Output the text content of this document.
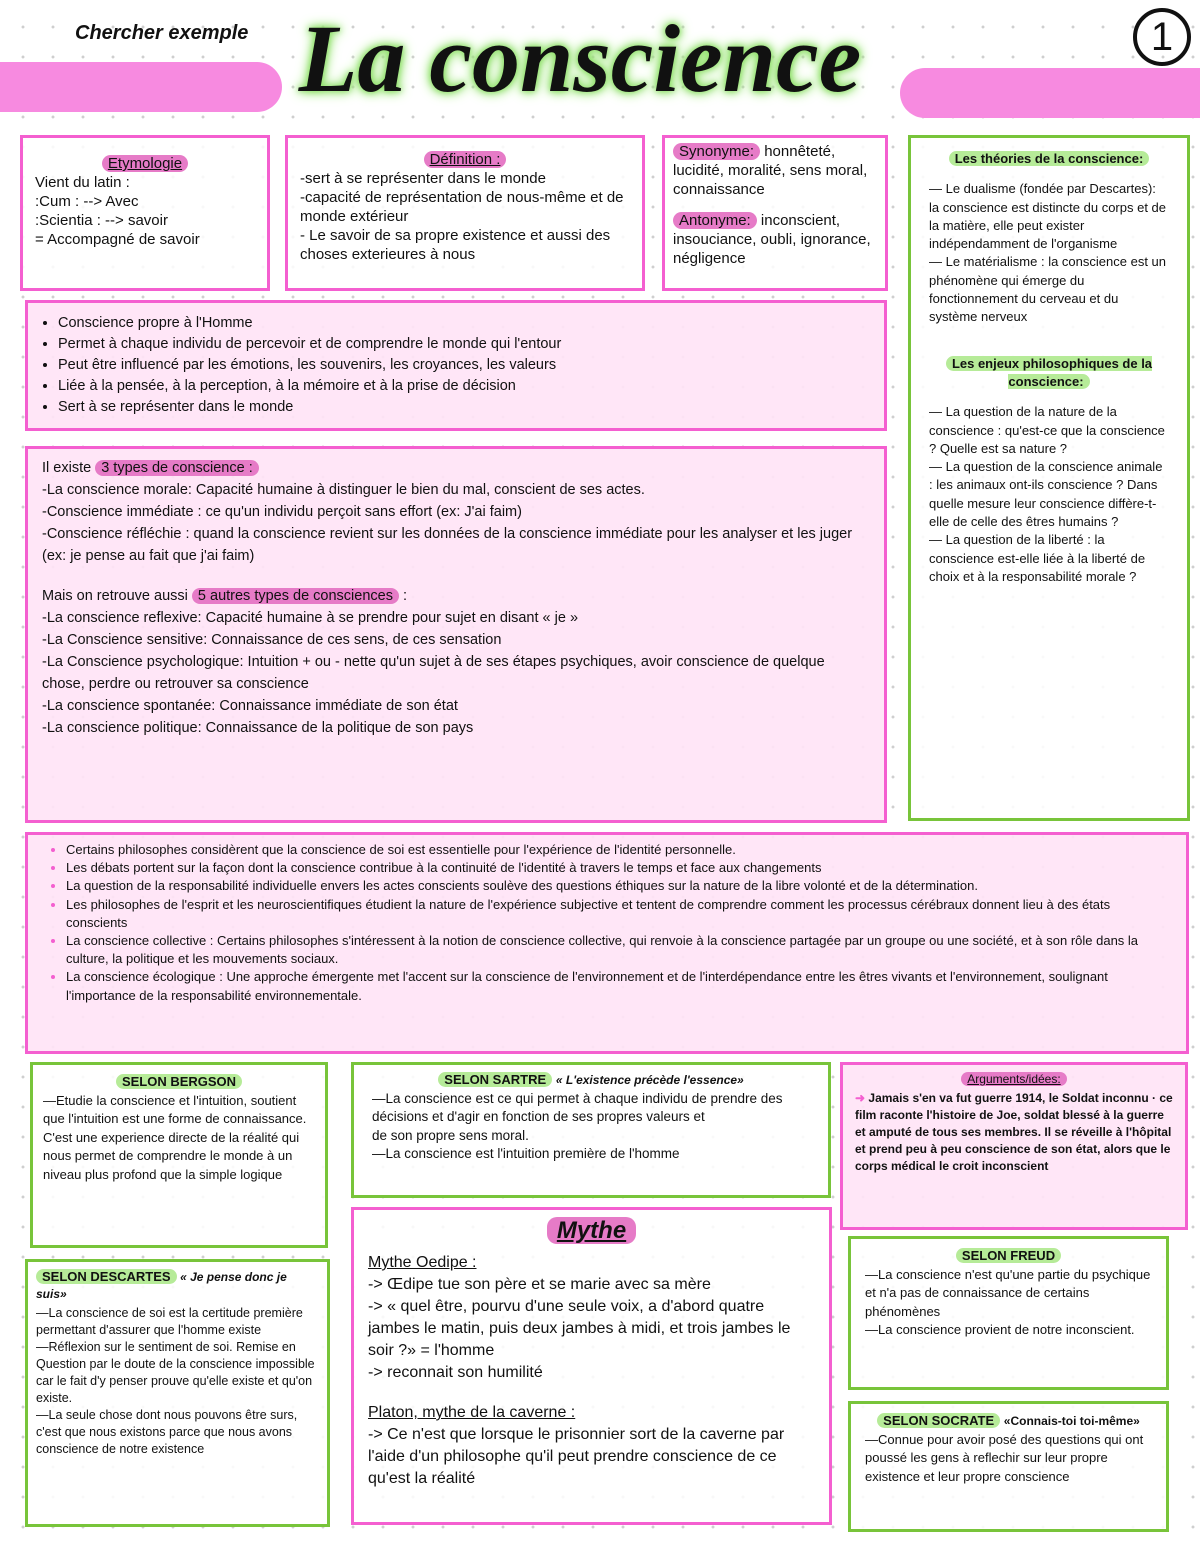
Chercher exemple La conscience	1
Etymologie
Vient du latin :
:Cum : --> Avec
:Scientia : --> savoir
= Accompagné de savoir
Définition :
-sert à se représenter dans le monde
-capacité de représentation de nous-même et de monde extérieur
- Le savoir de sa propre existence et aussi des choses exterieures à nous
Synonyme: honnêteté, lucidité, moralité, sens moral, connaissance
Antonyme: inconscient, insouciance, oubli, ignorance, négligence
• Conscience propre à l'Homme
• Permet à chaque individu de percevoir et de comprendre le monde qui l'entour
• Peut être influencé par les émotions, les souvenirs, les croyances, les valeurs
• Liée à la pensée, à la perception, à la mémoire et à la prise de décision
• Sert à se représenter dans le monde
Il existe 3 types de conscience :
-La conscience morale: Capacité humaine à distinguer le bien du mal, conscient de ses actes.
-Conscience immédiate : ce qu'un individu perçoit sans effort (ex: J'ai faim)
-Conscience réfléchie : quand la conscience revient sur les données de la conscience immédiate pour les analyser et les juger (ex: je pense au fait que j'ai faim)
Mais on retrouve aussi 5 autres types de consciences :
-La conscience reflexive: Capacité humaine à se prendre pour sujet en disant « je »
-La Conscience sensitive: Connaissance de ces sens, de ces sensation
-La Conscience psychologique: Intuition + ou - nette qu'un sujet à de ses étapes psychiques, avoir conscience de quelque chose, perdre ou retrouver sa conscience
-La conscience spontanée: Connaissance immédiate de son état
-La conscience politique: Connaissance de la politique de son pays
Les théories de la conscience:
— Le dualisme (fondée par Descartes): la conscience est distincte du corps et de la matière, elle peut exister indépendamment de l'organisme
— Le matérialisme : la conscience est un phénomène qui émerge du fonctionnement du cerveau et du système nerveux
Les enjeux philosophiques de la conscience:
— La question de la nature de la conscience : qu'est-ce que la conscience ? Quelle est sa nature ?
— La question de la conscience animale : les animaux ont-ils conscience ? Dans quelle mesure leur conscience diffère-t-elle de celle des êtres humains ?
— La question de la liberté : la conscience est-elle liée à la liberté de choix et à la responsabilité morale ?
• Certains philosophes considèrent que la conscience de soi est essentielle pour l'expérience de l'identité personnelle.
• Les débats portent sur la façon dont la conscience contribue à la continuité de l'identité à travers le temps et face aux changements
• La question de la responsabilité individuelle envers les actes conscients soulève des questions éthiques sur la nature de la libre volonté et de la détermination.
• Les philosophes de l'esprit et les neuroscientifiques étudient la nature de l'expérience subjective et tentent de comprendre comment les processus cérébraux donnent lieu à des états conscients
• La conscience collective : Certains philosophes s'intéressent à la notion de conscience collective, qui renvoie à la conscience partagée par un groupe ou une société, et à son rôle dans la culture, la politique et les mouvements sociaux.
• La conscience écologique : Une approche émergente met l'accent sur la conscience de l'environnement et de l'interdépendance entre les êtres vivants et l'environnement, soulignant l'importance de la responsabilité environnementale.
SELON BERGSON
—Etudie la conscience et l'intuition, soutient que l'intuition est une forme de connaissance. C'est une experience directe de la réalité qui nous permet de comprendre le monde à un niveau plus profond que la simple logique
SELON DESCARTES « Je pense donc je suis»
—La conscience de soi est la certitude première permettant d'assurer que l'homme existe
—Réflexion sur le sentiment de soi. Remise en Question par le doute de la conscience impossible car le fait d'y penser prouve qu'elle existe et qu'on existe.
—La seule chose dont nous pouvons être surs, c'est que nous existons parce que nous avons conscience de notre existence
SELON SARTRE « L'existence précède l'essence»
—La conscience est ce qui permet à chaque individu de prendre des décisions et d'agir en fonction de ses propres valeurs et
de son propre sens moral.
—La conscience est l'intuition première de l'homme
Mythe
Mythe Oedipe :
-> Œdipe tue son père et se marie avec sa mère
-> « quel être, pourvu d'une seule voix, a d'abord quatre jambes le matin, puis deux jambes à midi, et trois jambes le soir ?» = l'homme
-> reconnait son humilité
Platon, mythe de la caverne :
-> Ce n'est que lorsque le prisonnier sort de la caverne par l'aide d'un philosophe qu'il peut prendre conscience de ce qu'est la réalité
Arguments/idées:
➜ Jamais s'en va fut guerre 1914, le Soldat inconnu · ce film raconte l'histoire de Joe, soldat blessé à la guerre et amputé de tous ses membres. Il se réveille à l'hôpital et prend peu à peu conscience de son état, alors que le corps médical le croit inconscient
SELON FREUD
—La conscience n'est qu'une partie du psychique et n'a pas de connaissance de certains phénomènes
—La conscience provient de notre inconscient.
SELON SOCRATE «Connais-toi toi-même»
—Connue pour avoir posé des questions qui ont poussé les gens à reflechir sur leur propre existence et leur propre conscience
